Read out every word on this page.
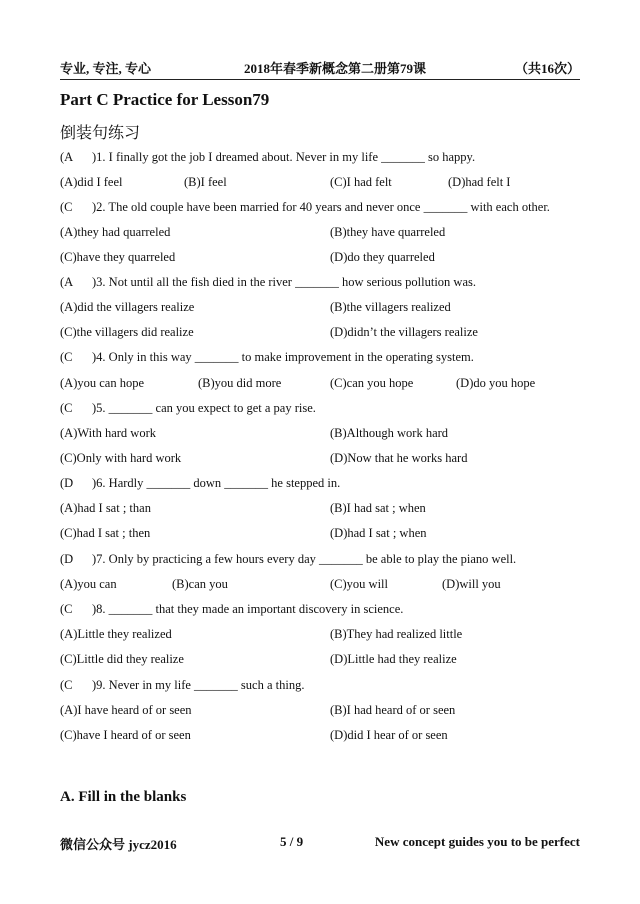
专业, 专注, 专心	2018年春季新概念第二册第79课	（共16次）
Part C Practice for Lesson79
倒装句练习
(A )1. I finally got the job I dreamed about. Never in my life _______ so happy.
(A)did I feel	(B)I feel	(C)I had felt	(D)had felt I
(C )2. The old couple have been married for 40 years and never once _______ with each other.
(A)they had quarreled	(B)they have quarreled
(C)have they quarreled	(D)do they quarreled
(A )3. Not until all the fish died in the river _______ how serious pollution was.
(A)did the villagers realize	(B)the villagers realized
(C)the villagers did realize	(D)didn’t the villagers realize
(C )4. Only in this way _______ to make improvement in the operating system.
(A)you can hope	(B)you did more	(C)can you hope	(D)do you hope
(C )5. _______ can you expect to get a pay rise.
(A)With hard work	(B)Although work hard
(C)Only with hard work	(D)Now that he works hard
(D )6. Hardly _______ down _______ he stepped in.
(A)had I sat ; than	(B)I had sat ; when
(C)had I sat ; then	(D)had I sat ; when
(D )7. Only by practicing a few hours every day _______ be able to play the piano well.
(A)you can	(B)can you	(C)you will	(D)will you
(C )8. _______ that they made an important discovery in science.
(A)Little they realized	(B)They had realized little
(C)Little did they realize	(D)Little had they realize
(C )9. Never in my life _______ such a thing.
(A)I have heard of or seen	(B)I had heard of or seen
(C)have I heard of or seen	(D)did I hear of or seen
A. Fill in the blanks
微信公众号 jycz2016	5 / 9	New concept guides you to be perfect
